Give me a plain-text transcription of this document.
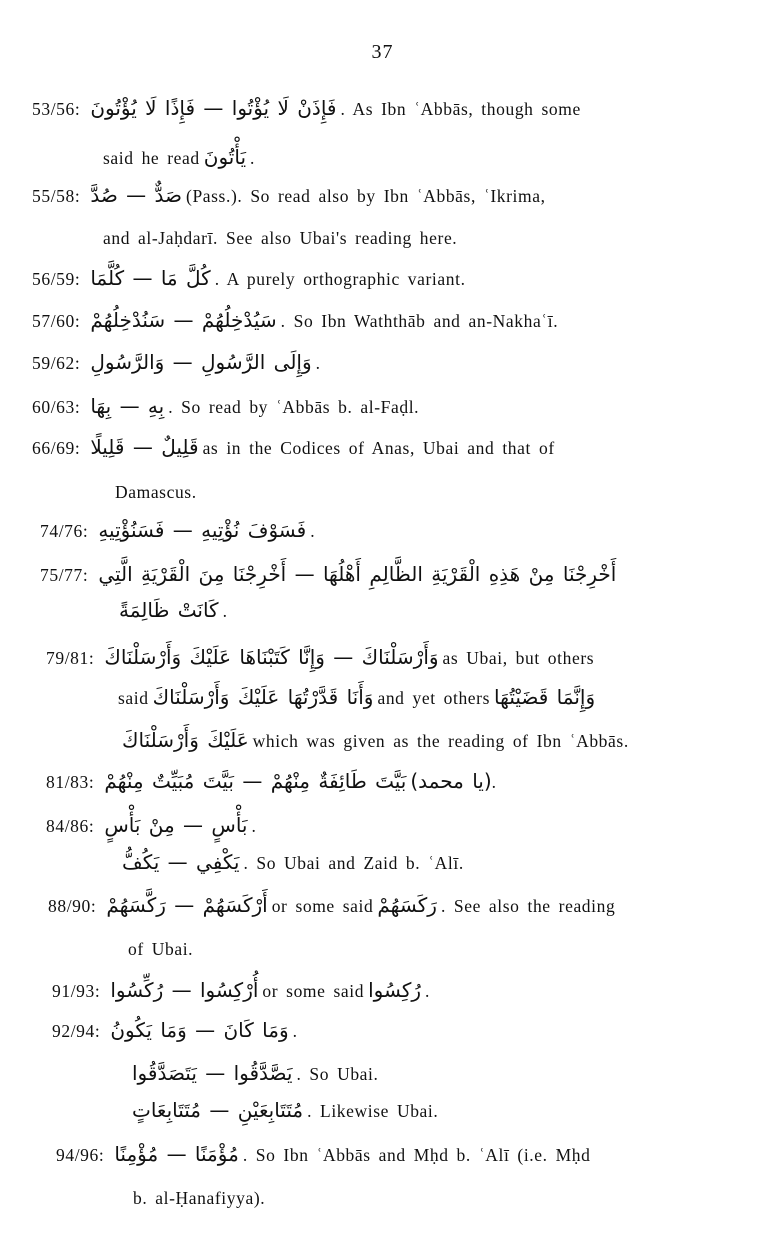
37
53/56: فَإِذَنْ لَا يُؤْتُوا — فَإِذًا لَا يُؤْتُونَ . As Ibn ʿAbbās, though some
said he read يَأْتُونَ .
55/58: صَدٌّ — صُدَّ (Pass.). So read also by Ibn ʿAbbās, ʿIkrima,
and al-Jaḥdarī. See also Ubai's reading here.
56/59: كُلَّ مَا — كُلَّمَا . A purely orthographic variant.
57/60: سَيُدْخِلُهُمْ — سَنُدْخِلُهُمْ . So Ibn Waththāb and an-Nakhaʿī.
59/62: وَإِلَى الرَّسُولِ — وَالرَّسُولِ .
60/63: بِهِ — بِهَا . So read by ʿAbbās b. al-Faḍl.
66/69: قَلِيلٌ — قَلِيلًا as in the Codices of Anas, Ubai and that of
Damascus.
74/76: فَسَوْفَ نُؤْتِيهِ — فَسَنُؤْتِيهِ .
75/77: أَخْرِجْنَا مِنْ هَذِهِ الْقَرْيَةِ الظَّالِمِ أَهْلُهَا — أَخْرِجْنَا مِنَ الْقَرْيَةِ الَّتِي
كَانَتْ ظَالِمَةً .
79/81: وَأَرْسَلْنَاكَ — وَإِنَّا كَتَبْنَاهَا عَلَيْكَ وَأَرْسَلْنَاكَ as Ubai, but others
said وَأَنَا قَدَّرْتُهَا عَلَيْكَ وَأَرْسَلْنَاكَ and yet others وَإِنَّمَا قَضَيْتُهَا
عَلَيْكَ وَأَرْسَلْنَاكَ which was given as the reading of Ibn ʿAbbās.
81/83: بَيَّتَ طَائِفَةٌ مِنْهُمْ — بَيَّتَ مُبَيِّتٌ مِنْهُمْ (يا محمد).
84/86: بَأْسٍ — مِنْ بَأْسٍ .
يَكْفِي — يَكُفُّ . So Ubai and Zaid b. ʿAlī.
88/90: أَرْكَسَهُمْ — رَكَّسَهُمْ or some said رَكَسَهُمْ . See also the reading
of Ubai.
91/93: أُرْكِسُوا — رُكِّسُوا or some said رُكِسُوا .
92/94: وَمَا كَانَ — وَمَا يَكُونُ .
يَصَّدَّقُوا — يَتَصَدَّقُوا . So Ubai.
مُتَتَابِعَيْنِ — مُتَتَابِعَاتٍ . Likewise Ubai.
94/96: مُؤْمَنًا — مُؤْمِنًا . So Ibn ʿAbbās and Mḥd b. ʿAlī (i.e. Mḥd
b. al-Ḥanafiyya).
